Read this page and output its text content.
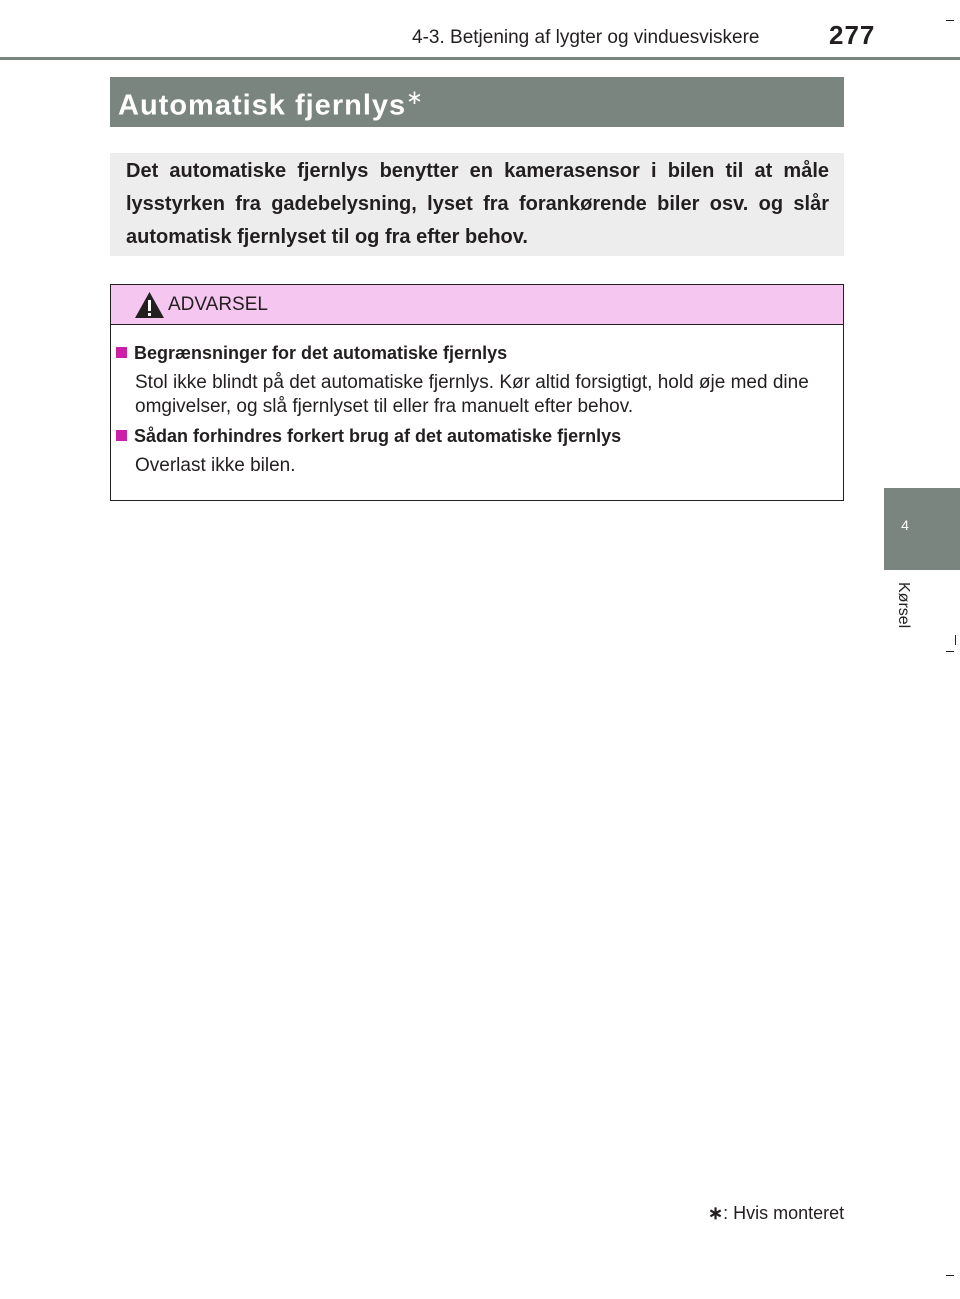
4-3. Betjening af lygter og vinduesviskere	277
4
Kørsel
Automatisk fjernlys∗
Det automatiske fjernlys benytter en kamerasensor i bilen til at måle lysstyrken fra gadebelysning, lyset fra forankørende biler osv. og slår automatisk fjernlyset til og fra efter behov.
ADVARSEL
Begrænsninger for det automatiske fjernlys
Stol ikke blindt på det automatiske fjernlys. Kør altid forsigtigt, hold øje med dine omgivelser, og slå fjernlyset til eller fra manuelt efter behov.
Sådan forhindres forkert brug af det automatiske fjernlys
Overlast ikke bilen.
∗: Hvis monteret
